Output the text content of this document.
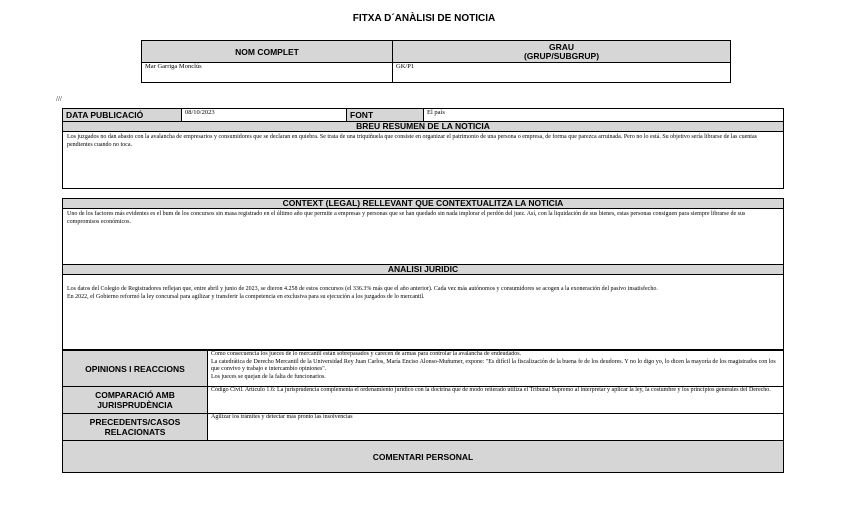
FITXA D´ANÀLISI DE NOTICIA
NOM COMPLET	GRAU
(GRUP/SUBGRUP)

Mar Garriga Monclús	GK/P1
///
DATA PUBLICACIÓ	08/10/2023	FONT	El país
BREU RESUMEN DE LA NOTICIA
Los juzgados no dan abasto con la avalancha de empresarios y consumidores que se declaran en quiebra. Se trata de una triquiñuela que consiste en organizar el patrimonio de una persona o empresa, de forma que parezca arruinada. Pero no lo está. Su objetivo sería librarse de las cuentas pendientes cuando no toca.
CONTEXT (LEGAL) RELLEVANT QUE CONTEXTUALITZA LA NOTICIA
Uno de los factores más evidentes es el bum de los concursos sin masa registrado en el último año que permite a empresas y personas que se han quedado sin nada implorar el perdón del juez. Así, con la liquidación de sus bienes, estas personas consiguen para siempre librarse de sus compromisos económicos.
ANALISI JURIDIC
Los datos del Colegio de Registradores reflejan que, entre abril y junio de 2023, se dieron 4.258 de estos concursos (el 336.3% más que el año anterior). Cada vez más autónomos y consumidores se acogen a la exoneración del pasivo insatisfecho.
En 2022, el Gobierno reformó la ley concursal para agilizar y transferir la competencia en exclusiva para su ejecución a los juzgados de lo mercantil.
OPINIONS I REACCIONS	Como consecuencia los jueces de lo mercantil están sobrepasados y carecen de armas para controlar la avalancha de endeudados.
La catedrática de Derecho Mercantil de la Universidad Rey Juan Carlos, María Enciso Alonso-Muñumer, expone: "Es difícil la fiscalización de la buena fe de los deudores. Y no lo digo yo, lo dicen la mayoría de los magistrados con los que convivo y trabajo e intercambio opiniones".
Los jueces se quejan de la falta de funcionarios.

COMPARACIÓ AMB
JURISPRUDÈNCIA	Código Civil. Artículo 1.6: La jurisprudencia complementa el ordenamiento jurídico con la doctrina que de modo reiterado utiliza el Tribunal Supremo al interpretar y aplicar la ley, la costumbre y los principios generales del Derecho.

PRECEDENTS/CASOS
RELACIONATS	Agilizar los trámites y detectar más pronto las insolvencias
COMENTARI PERSONAL	
